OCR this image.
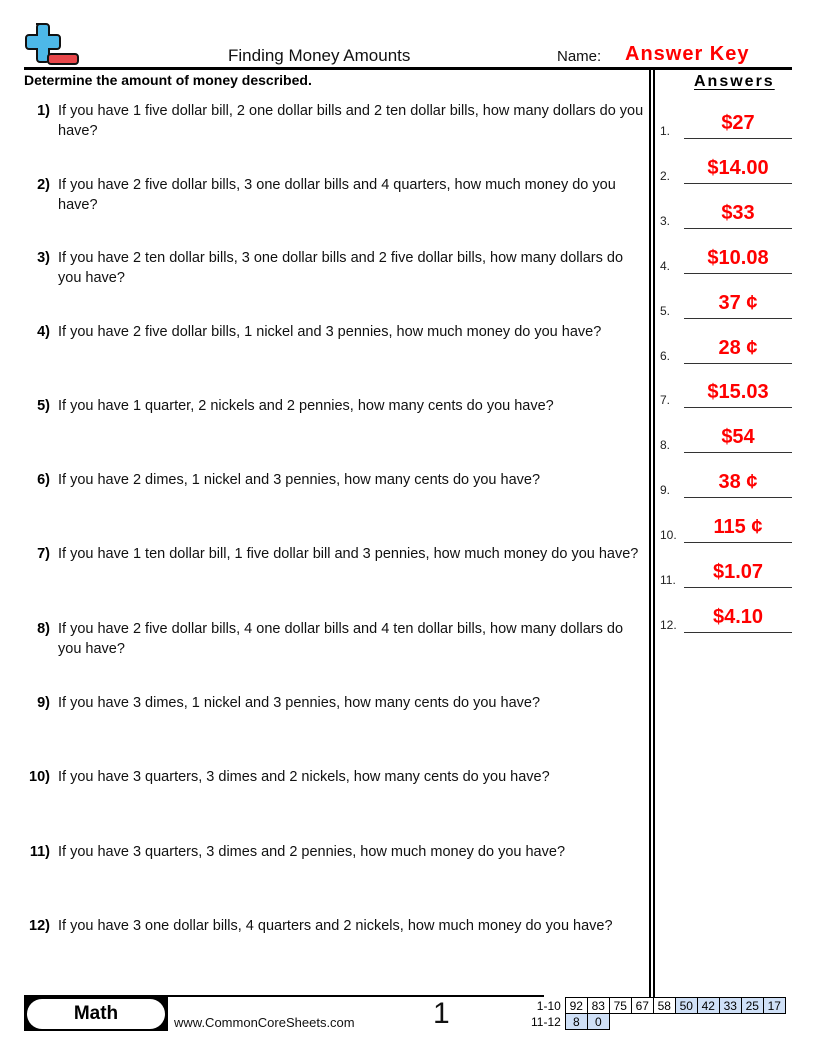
Finding Money Amounts	Name: Answer Key
Determine the amount of money described.	Answers
1) If you have 1 five dollar bill, 2 one dollar bills and 2 ten dollar bills, how many dollars do you have?
2) If you have 2 five dollar bills, 3 one dollar bills and 4 quarters, how much money do you have?
3) If you have 2 ten dollar bills, 3 one dollar bills and 2 five dollar bills, how many dollars do you have?
4) If you have 2 five dollar bills, 1 nickel and 3 pennies, how much money do you have?
5) If you have 1 quarter, 2 nickels and 2 pennies, how many cents do you have?
6) If you have 2 dimes, 1 nickel and 3 pennies, how many cents do you have?
7) If you have 1 ten dollar bill, 1 five dollar bill and 3 pennies, how much money do you have?
8) If you have 2 five dollar bills, 4 one dollar bills and 4 ten dollar bills, how many dollars do you have?
9) If you have 3 dimes, 1 nickel and 3 pennies, how many cents do you have?
10) If you have 3 quarters, 3 dimes and 2 nickels, how many cents do you have?
11) If you have 3 quarters, 3 dimes and 2 pennies, how much money do you have?
12) If you have 3 one dollar bills, 4 quarters and 2 nickels, how much money do you have?
1.	$27
2.	$14.00
3.	$33
4.	$10.08
5.	37 ¢
6.	28 ¢
7.	$15.03
8.	$54
9.	38 ¢
10.	115 ¢
11.	$1.07
12.	$4.10
Math	www.CommonCoreSheets.com	1	1-10	92	83	75	67	58	50	42	33	25	17
11-12	8	0								
